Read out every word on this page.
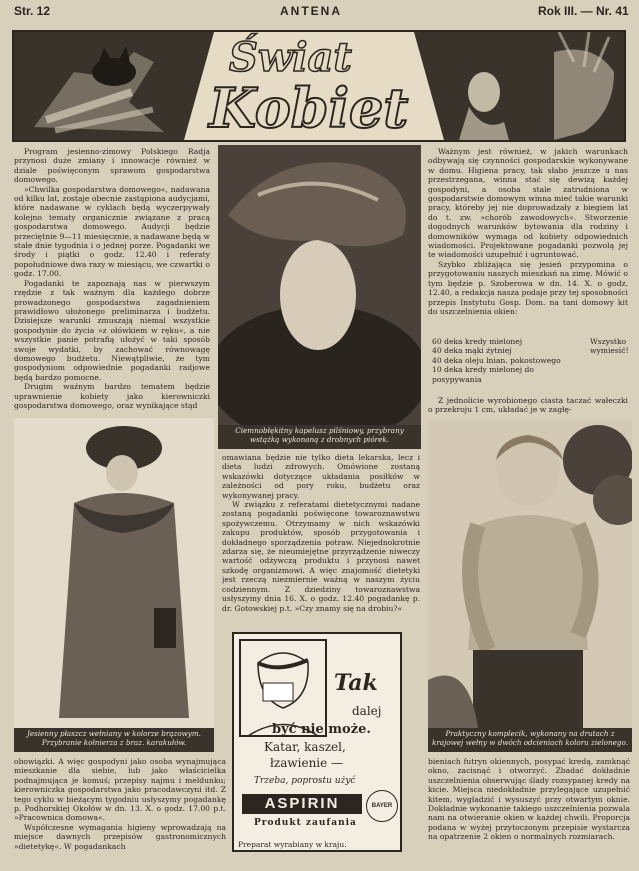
Str. 12	ANTENA	Rok III. — Nr. 41
Świat
Kobiet

Program jesienno-zimowy Polskiego Radja przynosi duże zmiany i innowacje również w dziale poświęconym sprawom gospodarstwa domowego.

»Chwilka gospodarstwa domowego«, nadawana od kilku lat, zostaje obecnie zastąpiona audycjami, które nadawane w cyklach będą wyczerpywały kolejno tematy organicznie związane z pracą gospodarstwa domowego. Audycji będzie przeciętnie 9—11 miesięcznie, a nadawane będą w stałe dnie tygodnia i o jednej porze. Pogadanki we środy i piątki o godz. 12.40 i referaty popołudniowe dwa razy w miesiącu, we czwartki o godz. 17.00.

Pogadanki te zapoznają nas w pierwszym rzędzie z tak ważnym dla każdego dobrze prowadzonego gospodarstwa zagadnieniem prawidłowo ułożonego preliminarza i budżetu. Dzisiejsze warunki zmuszają niemal wszystkie gospodynie do życia »z ołówkiem w ręku«, a nie wszystkie panie potrafią ułożyć w taki sposób swoje wydatki, by zachować równowagę domowego budżetu. Niewątpliwie, że tym gospodyniom odpowiednie pogadanki radjowe będą bardzo pomocne.

Drugim ważnym bardzo tematem będzie uprawnienie kobiety jako kierowniczki gospodarstwa domowego, oraz wynikające stąd

Ciemnobłękitny kapelusz pilśniowy, przybrany wstążką wykonaną z drobnych piórek.
Jesienny płaszcz wełniany w kolorze brązowym. Przybranie kołnierza z braz. karakułów.

omawiana będzie nie tylko dieta lekarska, lecz i dieta ludzi zdrowych. Omówione zostaną wskazówki dotyczące układania posiłków w zależności od pory roku, budżetu oraz wykonywanej pracy.

W związku z referatami dietetycznymi nadane zostaną pogadanki poświęcone towaroznawstwu spożywczemu. Otrzymamy w nich wskazówki zakupu produktów, sposób przygotowania i dokładnego sporządzenia potraw. Niejednokrotnie zdarza się, że nieumiejętne przyrządzenie niweczy wartość odżywczą produktu i przynosi nawet szkodę organizmowi. A więc znajomość dietetyki jest rzeczą niezmiernie ważną w naszym życiu codziennym. Z dziedziny towaroznawstwa usłyszymy dnia 16. X. o godz. 12.40 pogadankę p. dr. Gotowskiej p.t. »Czy znamy się na drobiu?«

Tak
dalej
być nie może.
Katar, kaszel,
łzawienie —
Trzeba, poprostu użyć
ASPIRIN
Produkt zaufania
BAYER
Preparat wyrabiany w kraju.

Ważnym jest również, w jakich warunkach odbywają się czynności gospodarskie wykonywane w domu. Higiena pracy, tak słabo jeszcze u nas przestrzegana, winna stać się dewizą każdej gospodyni, a osoba stale zatrudniona w gospodarstwie domowym winna mieć takie warunki pracy, któreby jej nie doprowadzały z biegiem lat do t. zw. »chorób zawodowych«. Stworzenie dogodnych warunków bytowania dla rodziny i domowników wymaga od kobiety odpowiednich wiadomości. Projektowane pogadanki pozwolą jej te wiadomości uzupełnić i ugruntować.

Szybko zbliżająca się jesień przypomina o przygotowaniu naszych mieszkań na zimę. Mówić o tym będzie p. Szoberowa w dn. 14. X. o godz. 12.40, a redakcja nasza podaje przy tej sposobności przepis Instytutu Gosp. Dom. na tani domowy kit do uszczelnienia okien:

60 deka kredy mielonej
40 deka mąki żytniej
40 deka oleju lnian. pokostowego
10 deka kredy mielonej do posypywania
Wszystko wymiesić!

Z jednolicie wyrobionego ciasta taczać wałeczki o przekroju 1 cm, układać je w zagłę-

Praktyczny komplecik, wykonany na drutach z krajowej wełny w dwóch odcieniach koloru zielonego.

obowiązki. A więc gospodyni jako osoba wynajmująca mieszkanie dla siebie, lub jako właścicielka podnajmująca je komuś; przepisy najmu i meldunku; kierowniczka gospodarstwa jako pracodawczyni itd. Z tego cyklu w bieżącym tygodniu usłyszymy pogadankę p. Podhorskiej Okołów w dn. 13. X. o godz. 17.00 p.t. »Pracownica domowa«.

Współczesne wymagania higieny wprowadzają na miejsce dawnych przepisów gastronomicznych »dietetykę«. W pogadankach

bieniach futryn okiennych, posypać kredą, zamknąć okno, zacisnąć i otworzyć. Zbadać dokładnie uszczelnienia obserwując ślady rozsypanej kredy na kicie. Miejsca niedokładnie przylegające uzupełnić kitem, wygładzić i wysuszyć przy otwartym oknie. Dokładnie wykonanie takiego uszczelnienia pozwala nam na otwieranie okien w każdej chwili. Proporcja podana w wyżej przytoczonym przepisie wystarcza na opatrzenie 2 okien o normalnych rozmiarach.
